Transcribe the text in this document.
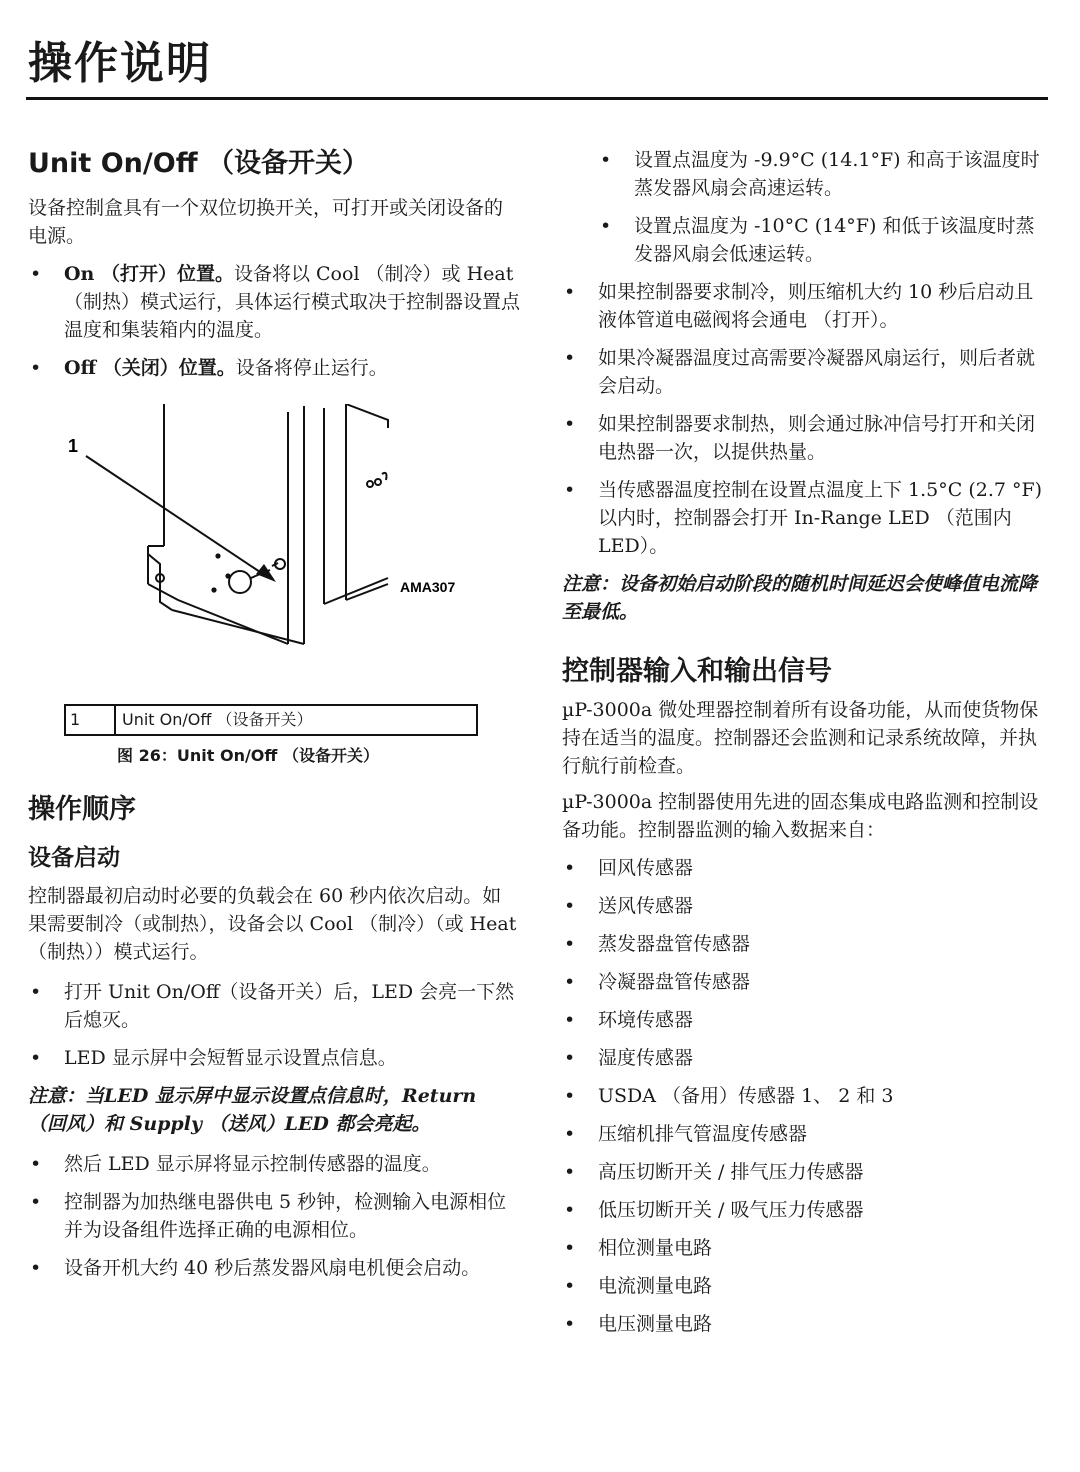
操作说明
Unit On/Off （设备开关）

设备控制盒具有一个双位切换开关，可打开或关闭设备的电源。

• On （打开）位置。设备将以 Cool （制冷）或 Heat （制热）模式运行，具体运行模式取决于控制器设置点温度和集装箱内的温度。
• Off （关闭）位置。设备将停止运行。
1
AMA307
1	Unit On/Off （设备开关）
图 26：Unit On/Off （设备开关）
操作顺序
设备启动

控制器最初启动时必要的负载会在 60 秒内依次启动。如果需要制冷（或制热），设备会以 Cool （制冷）（或 Heat （制热））模式运行。

• 打开 Unit On/Off（设备开关）后，LED 会亮一下然后熄灭。
• LED 显示屏中会短暂显示设置点信息。

注意：当LED 显示屏中显示设置点信息时，Return （回风）和 Supply （送风）LED 都会亮起。

• 然后 LED 显示屏将显示控制传感器的温度。
• 控制器为加热继电器供电 5 秒钟，检测输入电源相位并为设备组件选择正确的电源相位。
• 设备开机大约 40 秒后蒸发器风扇电机便会启动。
• 设置点温度为 -9.9°C (14.1°F) 和高于该温度时蒸发器风扇会高速运转。
• 设置点温度为 -10°C (14°F) 和低于该温度时蒸发器风扇会低速运转。
• 如果控制器要求制冷，则压缩机大约 10 秒后启动且液体管道电磁阀将会通电 （打开）。
• 如果冷凝器温度过高需要冷凝器风扇运行，则后者就会启动。
• 如果控制器要求制热，则会通过脉冲信号打开和关闭电热器一次，以提供热量。
• 当传感器温度控制在设置点温度上下 1.5°C (2.7 °F) 以内时，控制器会打开 In-Range LED （范围内 LED）。

注意：设备初始启动阶段的随机时间延迟会使峰值电流降至最低。

控制器输入和输出信号

µP-3000a 微处理器控制着所有设备功能，从而使货物保持在适当的温度。控制器还会监测和记录系统故障，并执行航行前检查。

µP-3000a 控制器使用先进的固态集成电路监测和控制设备功能。控制器监测的输入数据来自：

• 回风传感器
• 送风传感器
• 蒸发器盘管传感器
• 冷凝器盘管传感器
• 环境传感器
• 湿度传感器
• USDA （备用）传感器 1、 2 和 3
• 压缩机排气管温度传感器
• 高压切断开关 / 排气压力传感器
• 低压切断开关 / 吸气压力传感器
• 相位测量电路
• 电流测量电路
• 电压测量电路
